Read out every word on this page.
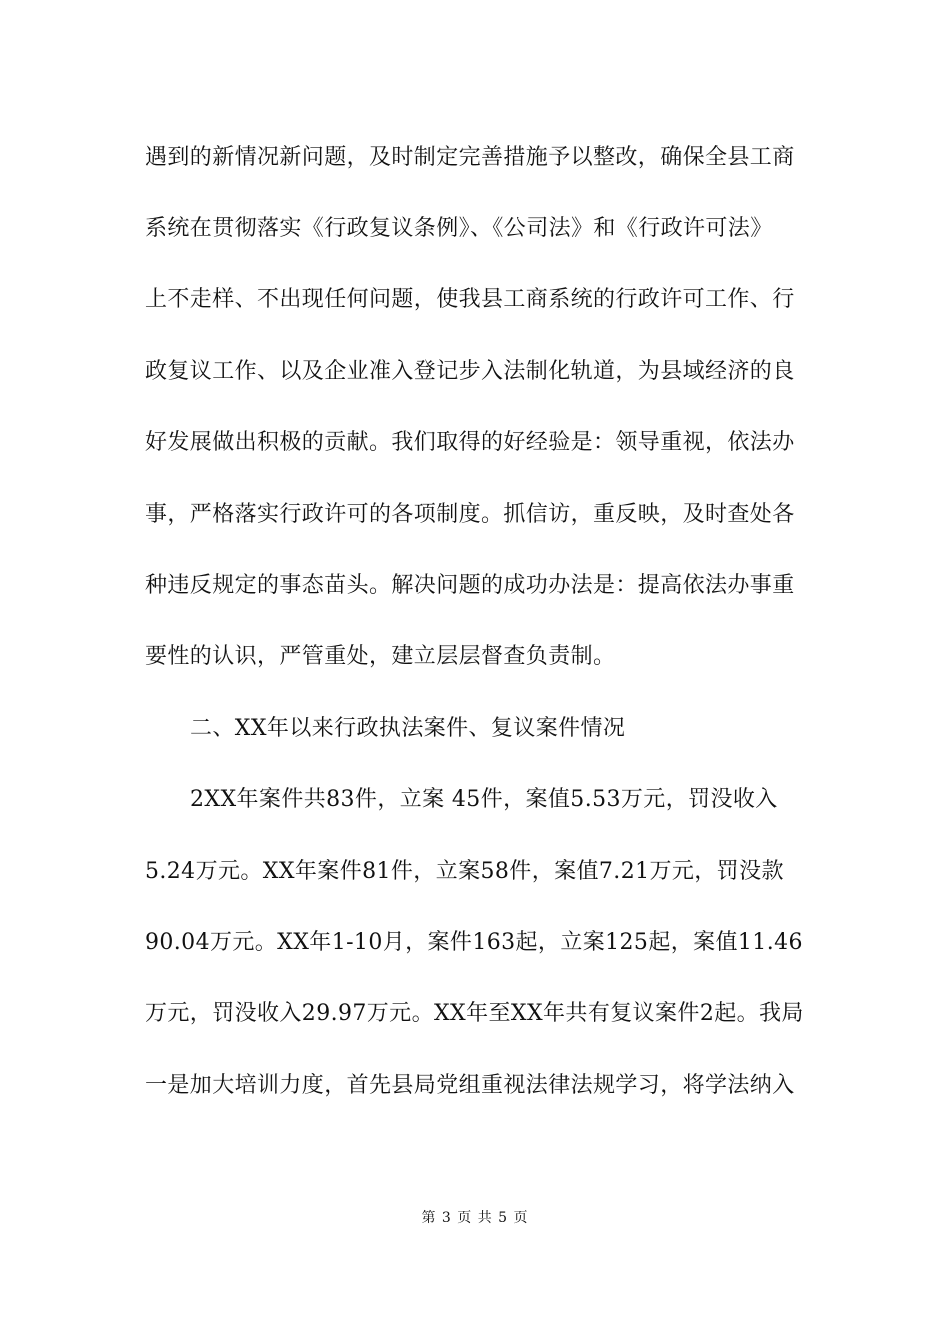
遇到的新情况新问题，及时制定完善措施予以整改，确保全县工商
系统在贯彻落实《行政复议条例》、《公司法》和《行政许可法》
上不走样、不出现任何问题，使我县工商系统的行政许可工作、行
政复议工作、以及企业准入登记步入法制化轨道，为县域经济的良
好发展做出积极的贡献。我们取得的好经验是：领导重视，依法办
事，严格落实行政许可的各项制度。抓信访，重反映，及时查处各
种违反规定的事态苗头。解决问题的成功办法是：提高依法办事重
要性的认识，严管重处，建立层层督查负责制。
二、XX年以来行政执法案件、复议案件情况
2XX年案件共83件，立案 45件，案值5.53万元，罚没收入
5.24万元。XX年案件81件，立案58件，案值7.21万元，罚没款
90.04万元。XX年1-10月，案件163起，立案125起，案值11.46
万元，罚没收入29.97万元。XX年至XX年共有复议案件2起。我局
一是加大培训力度，首先县局党组重视法律法规学习，将学法纳入
第 3 页 共 5 页
